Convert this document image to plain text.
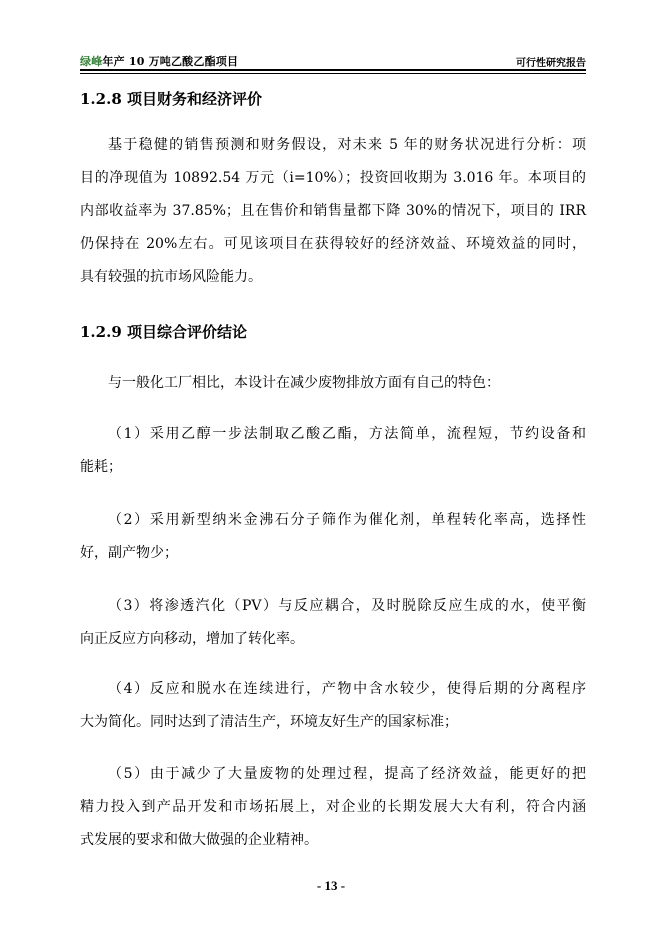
绿峰年产 10 万吨乙酸乙酯项目	可行性研究报告
1.2.8 项目财务和经济评价
基于稳健的销售预测和财务假设，对未来 5 年的财务状况进行分析：项
目的净现值为 10892.54 万元（i=10%）；投资回收期为 3.016 年。本项目的
内部收益率为 37.85%；且在售价和销售量都下降 30%的情况下，项目的 IRR
仍保持在 20%左右。可见该项目在获得较好的经济效益、环境效益的同时，
具有较强的抗市场风险能力。
1.2.9 项目综合评价结论
与一般化工厂相比，本设计在减少废物排放方面有自己的特色：
（1）采用乙醇一步法制取乙酸乙酯，方法简单，流程短，节约设备和
能耗；
（2）采用新型纳米金沸石分子筛作为催化剂，单程转化率高，选择性
好，副产物少；
（3）将渗透汽化（PV）与反应耦合，及时脱除反应生成的水，使平衡
向正反应方向移动，增加了转化率。
（4）反应和脱水在连续进行，产物中含水较少，使得后期的分离程序
大为简化。同时达到了清洁生产，环境友好生产的国家标准；
（5）由于减少了大量废物的处理过程，提高了经济效益，能更好的把
精力投入到产品开发和市场拓展上，对企业的长期发展大大有利，符合内涵
式发展的要求和做大做强的企业精神。
- 13 -
